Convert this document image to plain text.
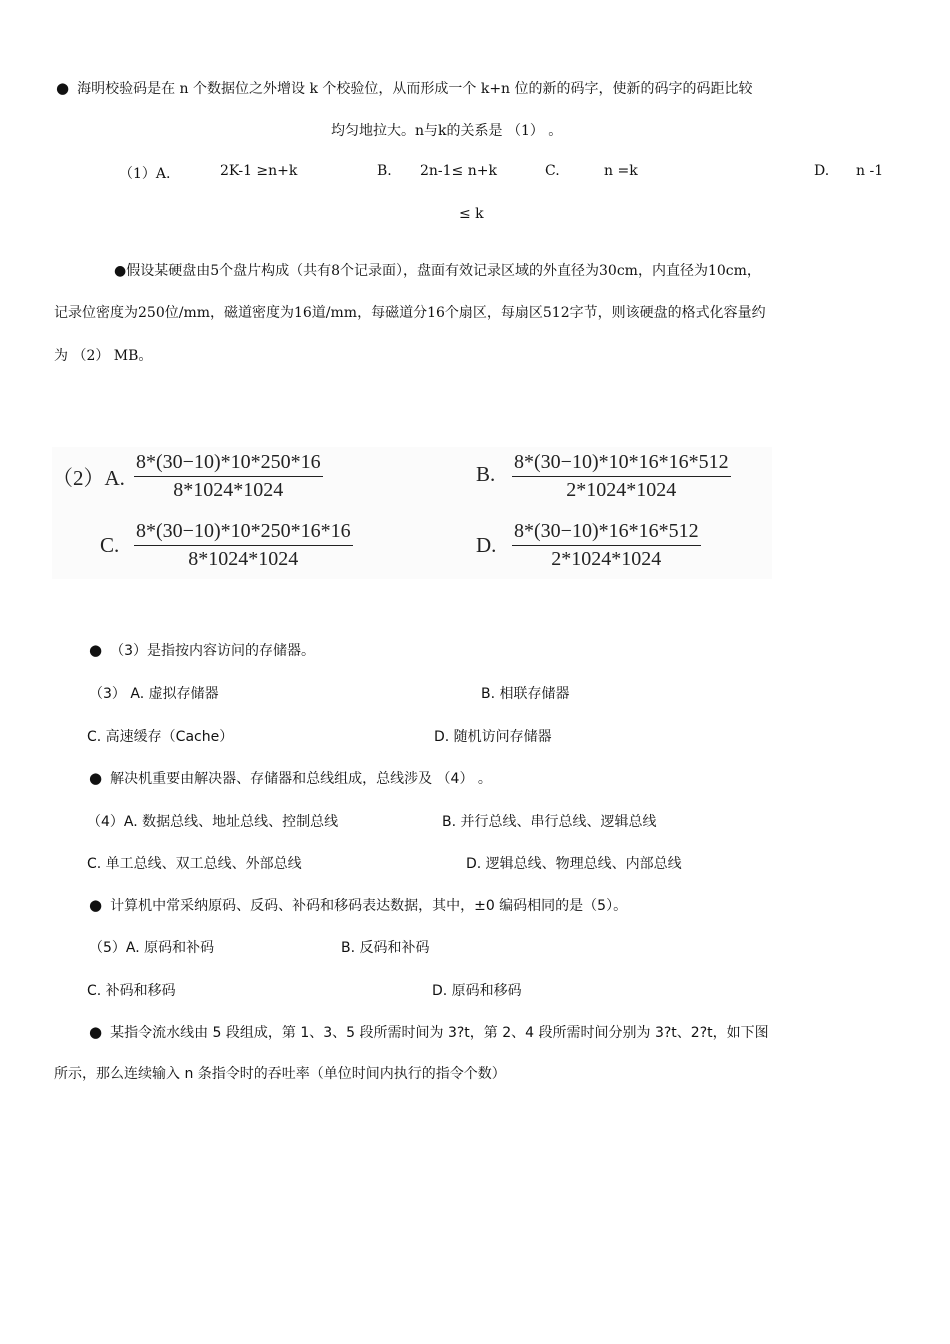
● 海明校验码是在 n 个数据位之外增设 k 个校验位，从而形成一个 k+n 位的新的码字，使新的码字的码距比较
均匀地拉大。n与k的关系是 （1） 。
（1）A.	2K-1 ≥n+k	B. 2n-1≤ n+k	C.	n =k	D. n -1
≤ k
●假设某硬盘由5个盘片构成（共有8个记录面），盘面有效记录区域的外直径为30cm，内直径为10cm，
记录位密度为250位/mm，磁道密度为16道/mm，每磁道分16个扇区，每扇区512字节，则该硬盘的格式化容量约
为 （2） MB。
（2）A. $\frac{8*(30-10)*10*250*16}{8*1024*1024}$	B. $\frac{8*(30-10)*10*16*16*512}{2*1024*1024}$
C. $\frac{8*(30-10)*10*250*16*16}{8*1024*1024}$	D. $\frac{8*(30-10)*16*16*512}{2*1024*1024}$
● （3）是指按内容访问的存储器。
（3） A. 虚拟存储器	B. 相联存储器
C. 高速缓存（Cache）	D. 随机访问存储器
● 解决机重要由解决器、存储器和总线组成，总线涉及 （4） 。
（4）A. 数据总线、地址总线、控制总线	B. 并行总线、串行总线、逻辑总线
C. 单工总线、双工总线、外部总线	D. 逻辑总线、物理总线、内部总线
● 计算机中常采纳原码、反码、补码和移码表达数据，其中，±0 编码相同的是（5）。
（5）A. 原码和补码	B. 反码和补码
C. 补码和移码	D. 原码和移码
● 某指令流水线由 5 段组成，第 1、3、5 段所需时间为 3?t，第 2、4 段所需时间分别为 3?t、2?t，如下图
所示，那么连续输入 n 条指令时的吞吐率（单位时间内执行的指令个数）
